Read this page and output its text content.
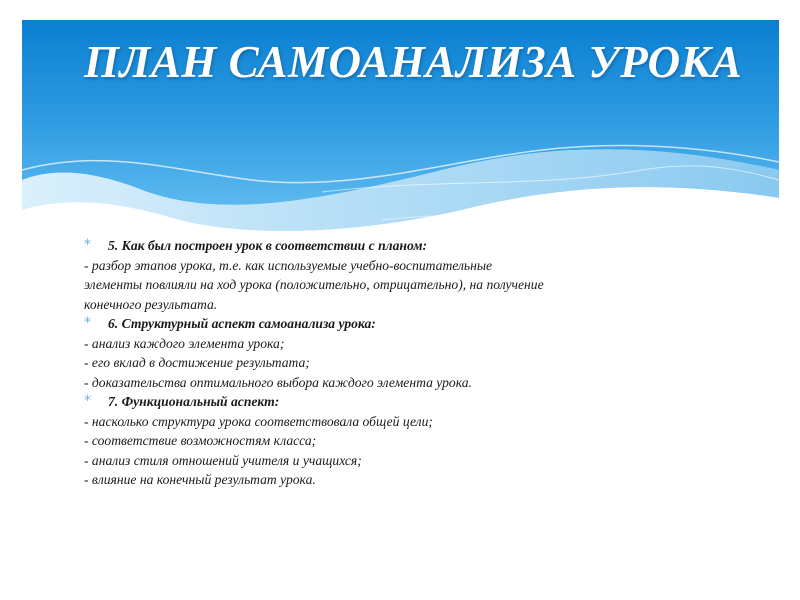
ПЛАН САМОАНАЛИЗА УРОКА

* 5. Как был построен урок в соответствии с планом:

- разбор этапов урока, т.е. как используемые учебно-воспитательные

элементы повлияли на ход урока (положительно, отрицательно), на получение

конечного результата.

* 6. Структурный аспект самоанализа урока:

- анализ каждого элемента урока;

- его вклад в достижение результата;

- доказательства оптимального выбора каждого элемента урока.

* 7. Функциональный аспект:

- насколько структура урока соответствовала общей цели;

- соответствие возможностям класса;

- анализ стиля отношений учителя и учащихся;

- влияние на конечный результат урока.
